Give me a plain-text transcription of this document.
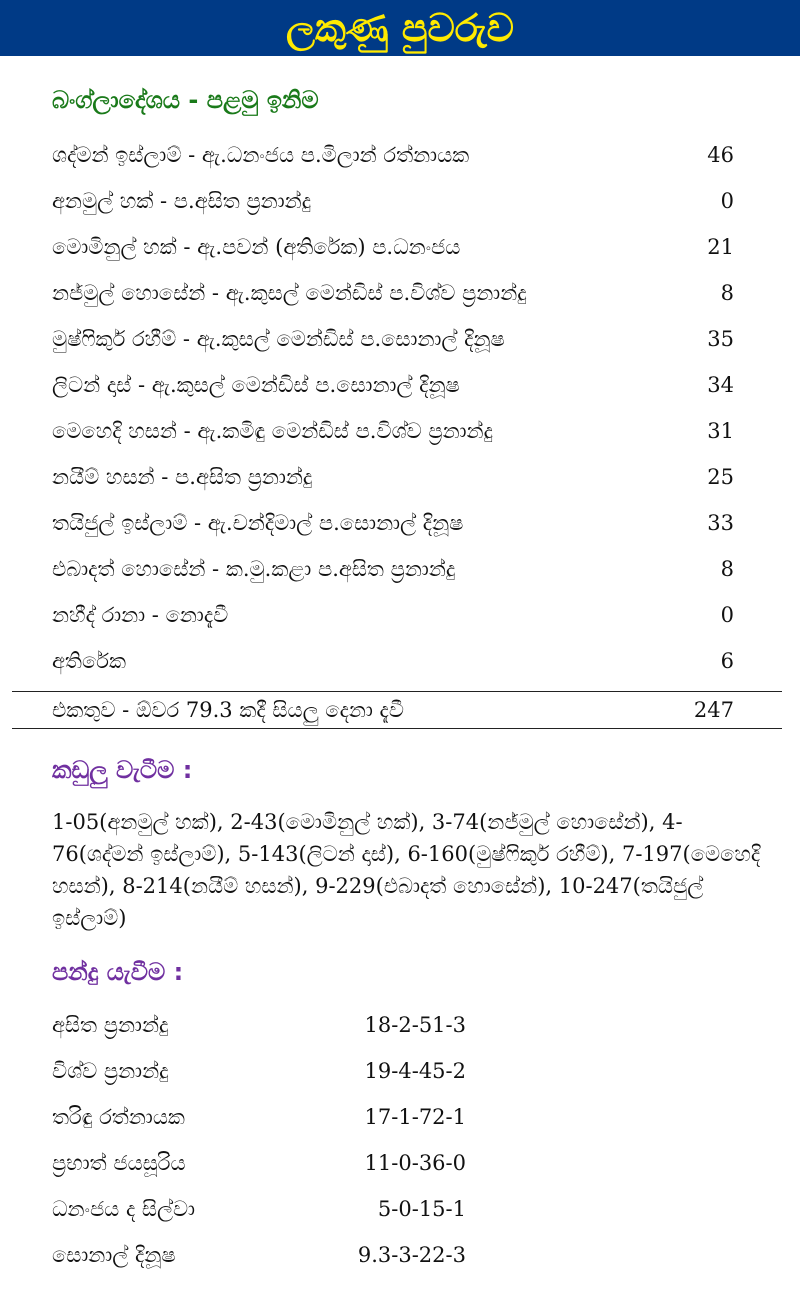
ලකුණු පුවරුව
බංග්ලාදේශය - පළමු ඉනිම
ශද්මන් ඉස්ලාම් - ඇ.ධනංජය ප.මිලාන් රත්නායක	46
අනමුල් හක් - ප.අසිත ප්‍රනාන්දු	0
මොමිනුල් හක් - ඇ.පවන් (අතිරේක) ප.ධනංජය	21
නජ්මුල් හොසේන් - ඇ.කුසල් මෙන්ඩිස් ප.විශ්ව ප්‍රනාන්දු	8
මුෂ්ෆිකුර් රහීම් - ඇ.කුසල් මෙන්ඩිස් ප.සොනාල් දිනූෂ	35
ලිටන් දාස් - ඇ.කුසල් මෙන්ඩිස් ප.සොනාල් දිනූෂ	34
මෙහෙදි හසන් - ඇ.කමිඳු මෙන්ඩිස් ප.විශ්ව ප්‍රනාන්දු	31
නයීම් හසන් - ප.අසිත ප්‍රනාන්දු	25
තයිජුල් ඉස්ලාම් - ඇ.චන්දිමාල් ප.සොනාල් දිනූෂ	33
එබාදත් හොසේන් - ක.මු.කළා ප.අසිත ප්‍රනාන්දු	8
නහීද් රානා - නොදැවී	0
අතිරේක	6
එකතුව - ඕවර 79.3 කදී සියලු දෙනා දැවී	247
කඩුලු වැටීම :
1-05(අනමුල් හක්), 2-43(මොමිනුල් හක්), 3-74(නජ්මුල් හොසේන්), 4-76(ශද්මන් ඉස්ලාම්), 5-143(ලිටන් දාස්), 6-160(මුෂ්ෆිකුර් රහීම්), 7-197(මෙහෙදි හසන්), 8-214(නයීම් හසන්), 9-229(එබාදත් හොසේන්), 10-247(තයිජුල් ඉස්ලාම්)
පන්දු යැවීම :
අසිත ප්‍රනාන්දු	18-2-51-3
විශ්ව ප්‍රනාන්දු	19-4-45-2
තරිඳු රත්නායක	17-1-72-1
ප්‍රභාත් ජයසූරිය	11-0-36-0
ධනංජය ද සිල්වා	5-0-15-1
සොනාල් දිනූෂ	9.3-3-22-3
